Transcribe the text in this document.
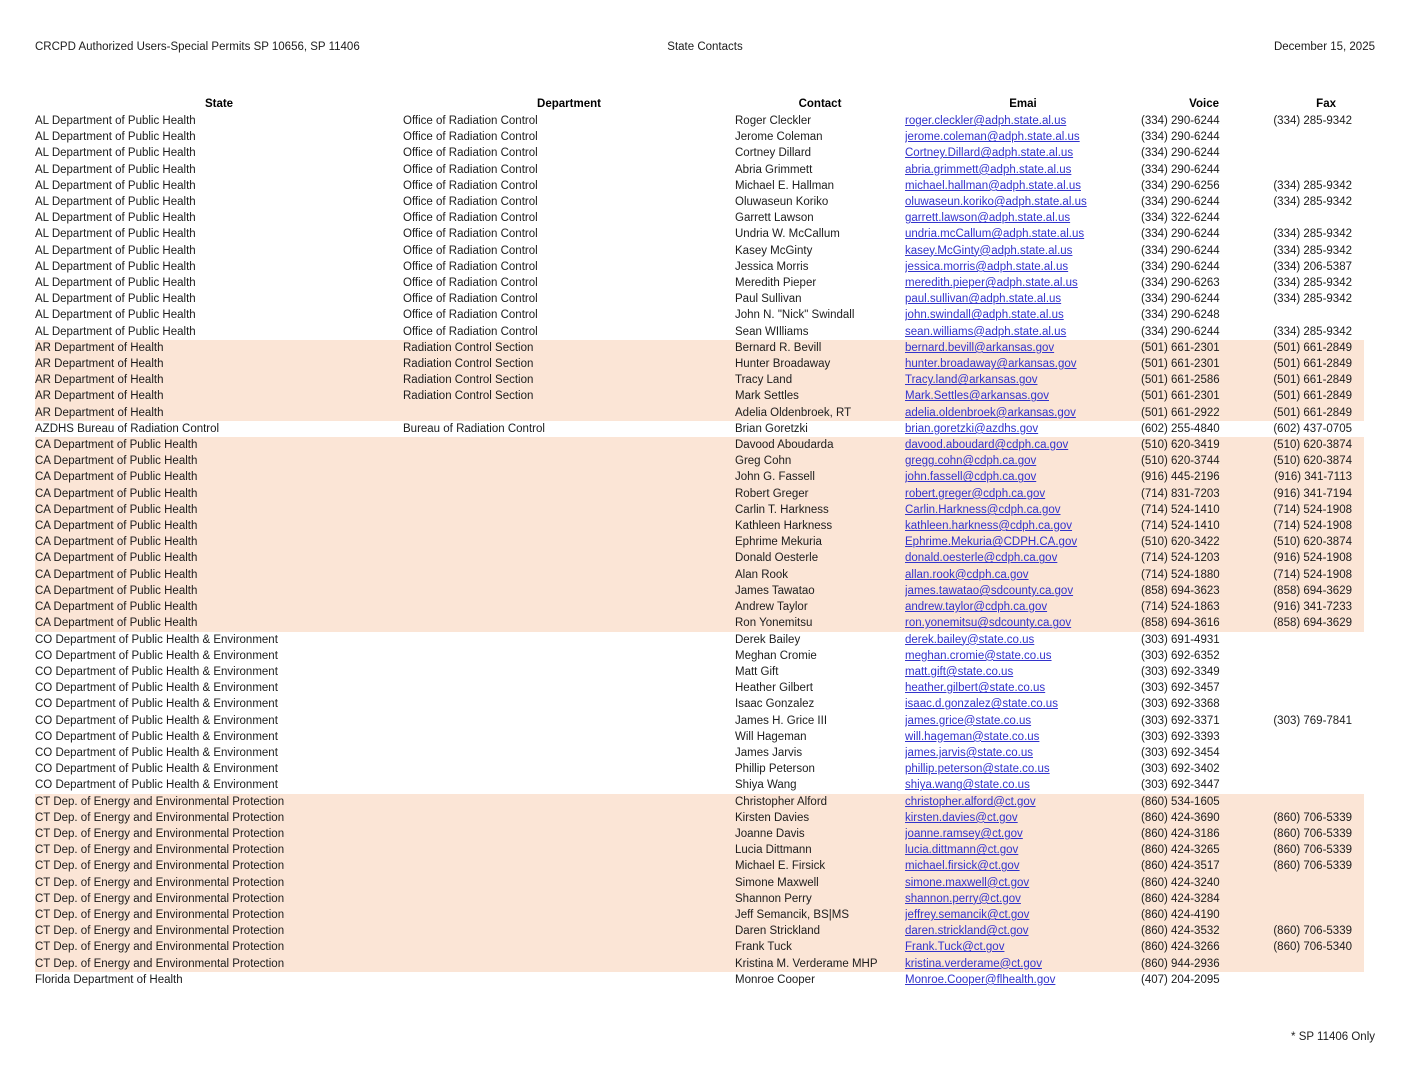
CRCPD Authorized Users-Special Permits SP 10656, SP 11406	State Contacts	December 15, 2025
State	Department	Contact	Emai	Voice	Fax
AL Department of Public Health	Office of Radiation Control	Roger Cleckler	roger.cleckler@adph.state.al.us	(334) 290-6244	(334) 285-9342
AL Department of Public Health	Office of Radiation Control	Jerome Coleman	jerome.coleman@adph.state.al.us	(334) 290-6244	
AL Department of Public Health	Office of Radiation Control	Cortney Dillard	Cortney.Dillard@adph.state.al.us	(334) 290-6244	
AL Department of Public Health	Office of Radiation Control	Abria Grimmett	abria.grimmett@adph.state.al.us	(334) 290-6244	
AL Department of Public Health	Office of Radiation Control	Michael E. Hallman	michael.hallman@adph.state.al.us	(334) 290-6256	(334) 285-9342
AL Department of Public Health	Office of Radiation Control	Oluwaseun Koriko	oluwaseun.koriko@adph.state.al.us	(334) 290-6244	(334) 285-9342
AL Department of Public Health	Office of Radiation Control	Garrett Lawson	garrett.lawson@adph.state.al.us	(334) 322-6244	
AL Department of Public Health	Office of Radiation Control	Undria W. McCallum	undria.mcCallum@adph.state.al.us	(334) 290-6244	(334) 285-9342
AL Department of Public Health	Office of Radiation Control	Kasey McGinty	kasey.McGinty@adph.state.al.us	(334) 290-6244	(334) 285-9342
AL Department of Public Health	Office of Radiation Control	Jessica Morris	jessica.morris@adph.state.al.us	(334) 290-6244	(334) 206-5387
AL Department of Public Health	Office of Radiation Control	Meredith Pieper	meredith.pieper@adph.state.al.us	(334) 290-6263	(334) 285-9342
AL Department of Public Health	Office of Radiation Control	Paul Sullivan	paul.sullivan@adph.state.al.us	(334) 290-6244	(334) 285-9342
AL Department of Public Health	Office of Radiation Control	John N. "Nick" Swindall	john.swindall@adph.state.al.us	(334) 290-6248	
AL Department of Public Health	Office of Radiation Control	Sean WIlliams	sean.williams@adph.state.al.us	(334) 290-6244	(334) 285-9342
AR Department of Health	Radiation Control Section	Bernard R. Bevill	bernard.bevill@arkansas.gov	(501) 661-2301	(501) 661-2849
AR Department of Health	Radiation Control Section	Hunter Broadaway	hunter.broadaway@arkansas.gov	(501) 661-2301	(501) 661-2849
AR Department of Health	Radiation Control Section	Tracy Land	Tracy.land@arkansas.gov	(501) 661-2586	(501) 661-2849
AR Department of Health	Radiation Control Section	Mark Settles	Mark.Settles@arkansas.gov	(501) 661-2301	(501) 661-2849
AR Department of Health		Adelia Oldenbroek, RT	adelia.oldenbroek@arkansas.gov	(501) 661-2922	(501) 661-2849
AZDHS Bureau of Radiation Control	Bureau of Radiation Control	Brian Goretzki	brian.goretzki@azdhs.gov	(602) 255-4840	(602) 437-0705
CA Department of Public Health		Davood Aboudarda	davood.aboudard@cdph.ca.gov	(510) 620-3419	(510) 620-3874
CA Department of Public Health		Greg Cohn	gregg.cohn@cdph.ca.gov	(510) 620-3744	(510) 620-3874
CA Department of Public Health		John G. Fassell	john.fassell@cdph.ca.gov	(916) 445-2196	(916) 341-7113
CA Department of Public Health		Robert Greger	robert.greger@cdph.ca.gov	(714) 831-7203	(916) 341-7194
CA Department of Public Health		Carlin T. Harkness	Carlin.Harkness@cdph.ca.gov	(714) 524-1410	(714) 524-1908
CA Department of Public Health		Kathleen Harkness	kathleen.harkness@cdph.ca.gov	(714) 524-1410	(714) 524-1908
CA Department of Public Health		Ephrime Mekuria	Ephrime.Mekuria@CDPH.CA.gov	(510) 620-3422	(510) 620-3874
CA Department of Public Health		Donald Oesterle	donald.oesterle@cdph.ca.gov	(714) 524-1203	(916) 524-1908
CA Department of Public Health		Alan Rook	allan.rook@cdph.ca.gov	(714) 524-1880	(714) 524-1908
CA Department of Public Health		James Tawatao	james.tawatao@sdcounty.ca.gov	(858) 694-3623	(858) 694-3629
CA Department of Public Health		Andrew Taylor	andrew.taylor@cdph.ca.gov	(714) 524-1863	(916) 341-7233
CA Department of Public Health		Ron Yonemitsu	ron.yonemitsu@sdcounty.ca.gov	(858) 694-3616	(858) 694-3629
CO Department of Public Health & Environment		Derek Bailey	derek.bailey@state.co.us	(303) 691-4931	
CO Department of Public Health & Environment		Meghan Cromie	meghan.cromie@state.co.us	(303) 692-6352	
CO Department of Public Health & Environment		Matt Gift	matt.gift@state.co.us	(303) 692-3349	
CO Department of Public Health & Environment		Heather Gilbert	heather.gilbert@state.co.us	(303) 692-3457	
CO Department of Public Health & Environment		Isaac Gonzalez	isaac.d.gonzalez@state.co.us	(303) 692-3368	
CO Department of Public Health & Environment		James H. Grice III	james.grice@state.co.us	(303) 692-3371	(303) 769-7841
CO Department of Public Health & Environment		Will Hageman	will.hageman@state.co.us	(303) 692-3393	
CO Department of Public Health & Environment		James Jarvis	james.jarvis@state.co.us	(303) 692-3454	
CO Department of Public Health & Environment		Phillip Peterson	phillip.peterson@state.co.us	(303) 692-3402	
CO Department of Public Health & Environment		Shiya Wang	shiya.wang@state.co.us	(303) 692-3447	
CT Dep. of Energy and Environmental Protection		Christopher Alford	christopher.alford@ct.gov	(860) 534-1605	
CT Dep. of Energy and Environmental Protection		Kirsten Davies	kirsten.davies@ct.gov	(860) 424-3690	(860) 706-5339
CT Dep. of Energy and Environmental Protection		Joanne Davis	joanne.ramsey@ct.gov	(860) 424-3186	(860) 706-5339
CT Dep. of Energy and Environmental Protection		Lucia Dittmann	lucia.dittmann@ct.gov	(860) 424-3265	(860) 706-5339
CT Dep. of Energy and Environmental Protection		Michael E. Firsick	michael.firsick@ct.gov	(860) 424-3517	(860) 706-5339
CT Dep. of Energy and Environmental Protection		Simone Maxwell	simone.maxwell@ct.gov	(860) 424-3240	
CT Dep. of Energy and Environmental Protection		Shannon Perry	shannon.perry@ct.gov	(860) 424-3284	
CT Dep. of Energy and Environmental Protection		Jeff Semancik, BS|MS	jeffrey.semancik@ct.gov	(860) 424-4190	
CT Dep. of Energy and Environmental Protection		Daren Strickland	daren.strickland@ct.gov	(860) 424-3532	(860) 706-5339
CT Dep. of Energy and Environmental Protection		Frank Tuck	Frank.Tuck@ct.gov	(860) 424-3266	(860) 706-5340
CT Dep. of Energy and Environmental Protection		Kristina M. Verderame MHP	kristina.verderame@ct.gov	(860) 944-2936	
Florida Department of Health		Monroe Cooper	Monroe.Cooper@flhealth.gov	(407) 204-2095	
* SP 11406 Only
